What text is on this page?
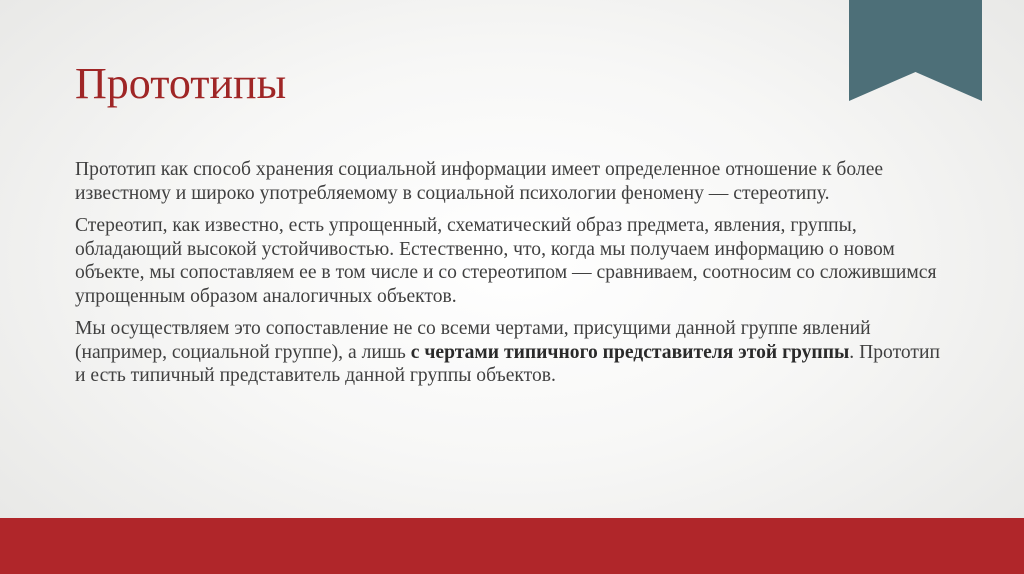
Прототипы

Прототип как способ хранения социальной информации имеет определенное отношение к более известному и широко употребляемому в социальной психологии феномену — стереотипу.

Стереотип, как известно, есть упрощенный, схематический образ предмета, явления, группы, обладающий высокой устойчивостью. Естественно, что, когда мы получаем информацию о новом объекте, мы сопоставляем ее в том числе и со стереотипом — сравниваем, соотносим со сложившимся упрощенным образом аналогичных объектов.

Мы осуществляем это сопоставление не со всеми чертами, присущими данной группе явлений (например, социальной группе), а лишь с чертами типичного представителя этой группы. Прототип и есть типичный представитель данной группы объектов.
